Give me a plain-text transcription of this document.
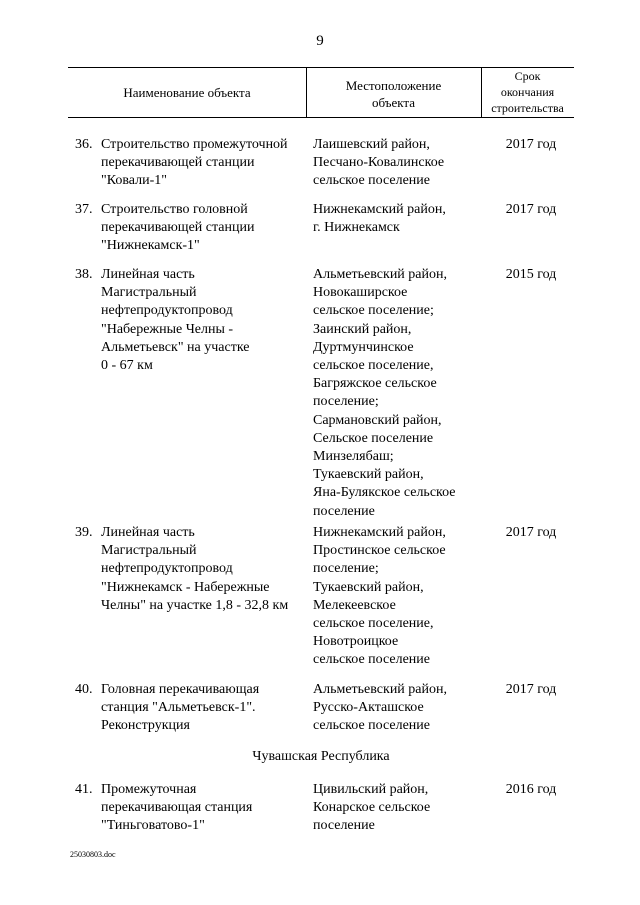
9
Наименование объекта	Местоположение
объекта
Срок
окончания
строительства
36. Строительство промежуточной
перекачивающей станции
"Ковали-1"
Лаишевский район,
Песчано-Ковалинское
сельское поселение
2017 год
37. Строительство головной
перекачивающей станции
"Нижнекамск-1"
Нижнекамский район,
г. Нижнекамск
2017 год
38. Линейная часть
Магистральный
нефтепродуктопровод
"Набережные Челны -
Альметьевск" на участке
0 - 67 км
Альметьевский район,
Новокаширское
сельское поселение;
Заинский район,
Дуртмунчинское
сельское поселение,
Багряжское сельское
поселение;
Сармановский район,
Сельское поселение
Минзелябаш;
Тукаевский район,
Яна-Булякское сельское
поселение
2015 год
39. Линейная часть
Магистральный
нефтепродуктопровод
"Нижнекамск - Набережные
Челны" на участке 1,8 - 32,8 км
Нижнекамский район,
Простинское сельское
поселение;
Тукаевский район,
Мелекеевское
сельское поселение,
Новотроицкое
сельское поселение
2017 год
40. Головная перекачивающая
станция "Альметьевск-1".
Реконструкция
Альметьевский район,
Русско-Акташское
сельское поселение
2017 год
Чувашская Республика
41. Промежуточная
перекачивающая станция
"Тиньговатово-1"
Цивильский район,
Конарское сельское
поселение
2016 год
25030803.doc
